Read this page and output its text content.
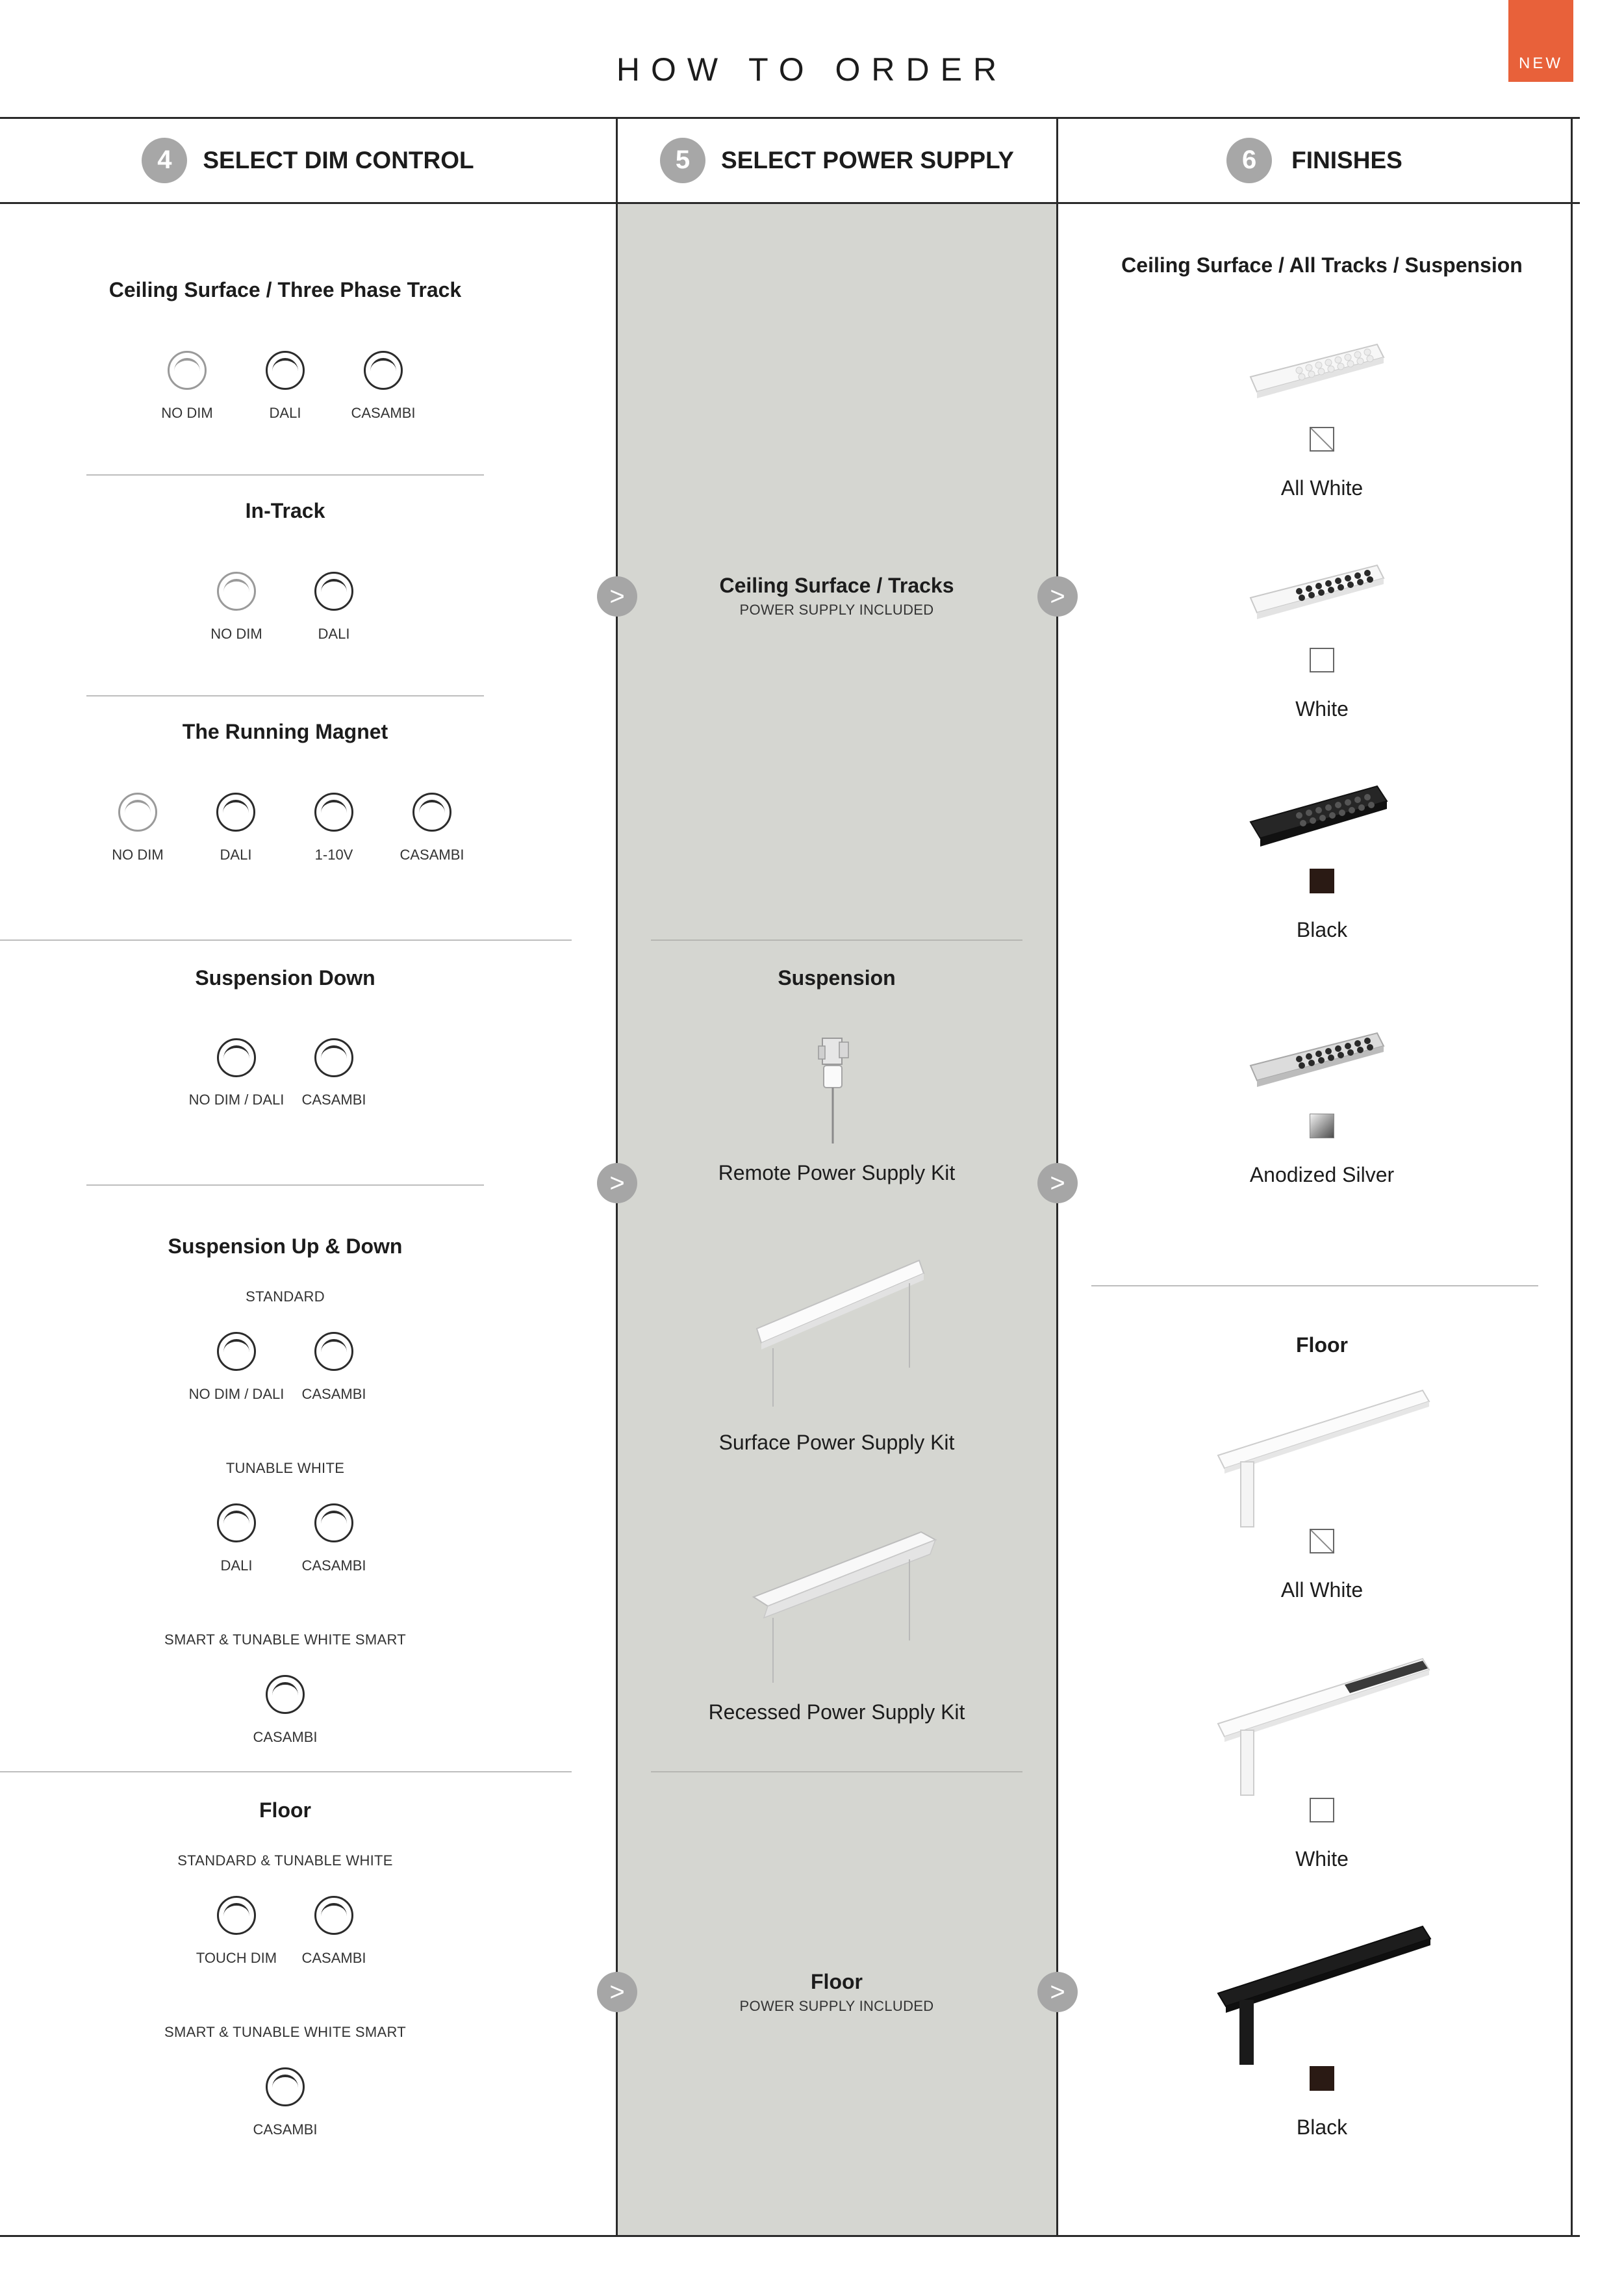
NEW
HOW TO ORDER
4	SELECT DIM CONTROL	5	SELECT POWER SUPPLY	6	FINISHES
Ceiling Surface / Three Phase Track
NO DIM	DALI	CASAMBI
In-Track
NO DIM	DALI
The Running Magnet
NO DIM	DALI	1-10V	CASAMBI
Suspension Down
NO DIM / DALI CASAMBI
Suspension Up & Down
STANDARD
NO DIM / DALI CASAMBI
TUNABLE WHITE
DALI	CASAMBI
SMART & TUNABLE WHITE SMART
CASAMBI
Floor
STANDARD & TUNABLE WHITE
TOUCH DIM CASAMBI
SMART & TUNABLE WHITE SMART
CASAMBI
Ceiling Surface / Tracks
POWER SUPPLY INCLUDED
Suspension
Remote Power Supply Kit
Surface Power Supply Kit
Recessed Power Supply Kit
Floor
POWER SUPPLY INCLUDED
>	>
>	>
>	>
Ceiling Surface / All Tracks / Suspension
All White
White
Black
Anodized Silver
Floor
All White
White
Black
